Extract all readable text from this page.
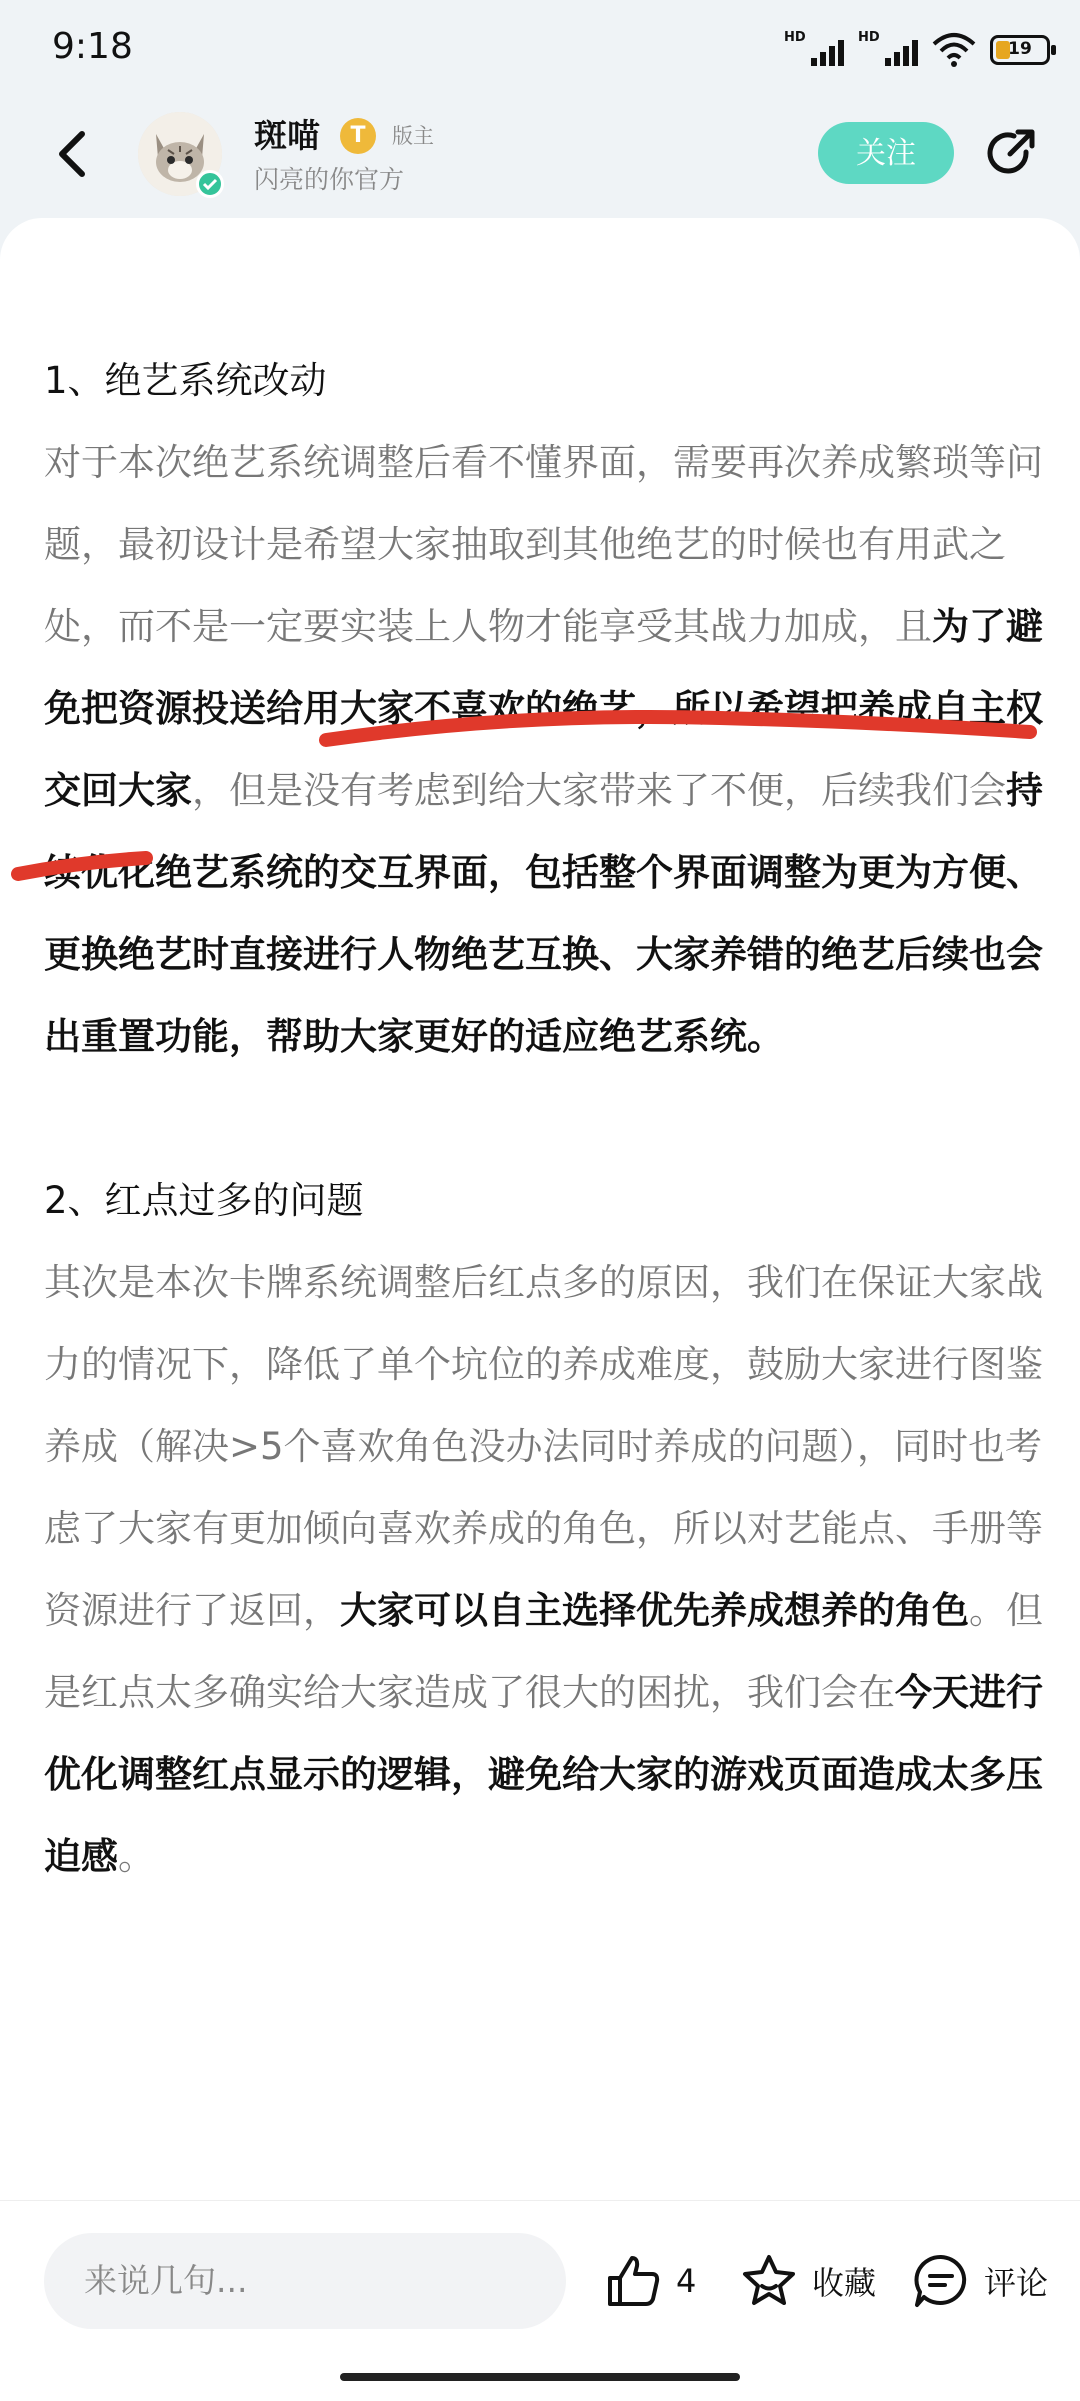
9:18	HD	HD
19
斑喵	T	版主
闪亮的你官方
关注
1、绝艺系统改动

对于本次绝艺系统调整后看不懂界面，需要再次养成繁琐等问题，最初设计是希望大家抽取到其他绝艺的时候也有用武之处，而不是一定要实装上人物才能享受其战力加成，且为了避免把资源投送给用大家不喜欢的绝艺，所以希望把养成自主权交回大家，但是没有考虑到给大家带来了不便，后续我们会持续优化绝艺系统的交互界面，包括整个界面调整为更为方便、更换绝艺时直接进行人物绝艺互换、大家养错的绝艺后续也会出重置功能，帮助大家更好的适应绝艺系统。

2、红点过多的问题

其次是本次卡牌系统调整后红点多的原因，我们在保证大家战力的情况下，降低了单个坑位的养成难度，鼓励大家进行图鉴养成（解决>5个喜欢角色没办法同时养成的问题），同时也考虑了大家有更加倾向喜欢养成的角色，所以对艺能点、手册等资源进行了返回，大家可以自主选择优先养成想养的角色。但是红点太多确实给大家造成了很大的困扰，我们会在今天进行优化调整红点显示的逻辑，避免给大家的游戏页面造成太多压迫感。

来说几句...	4	收藏	评论
